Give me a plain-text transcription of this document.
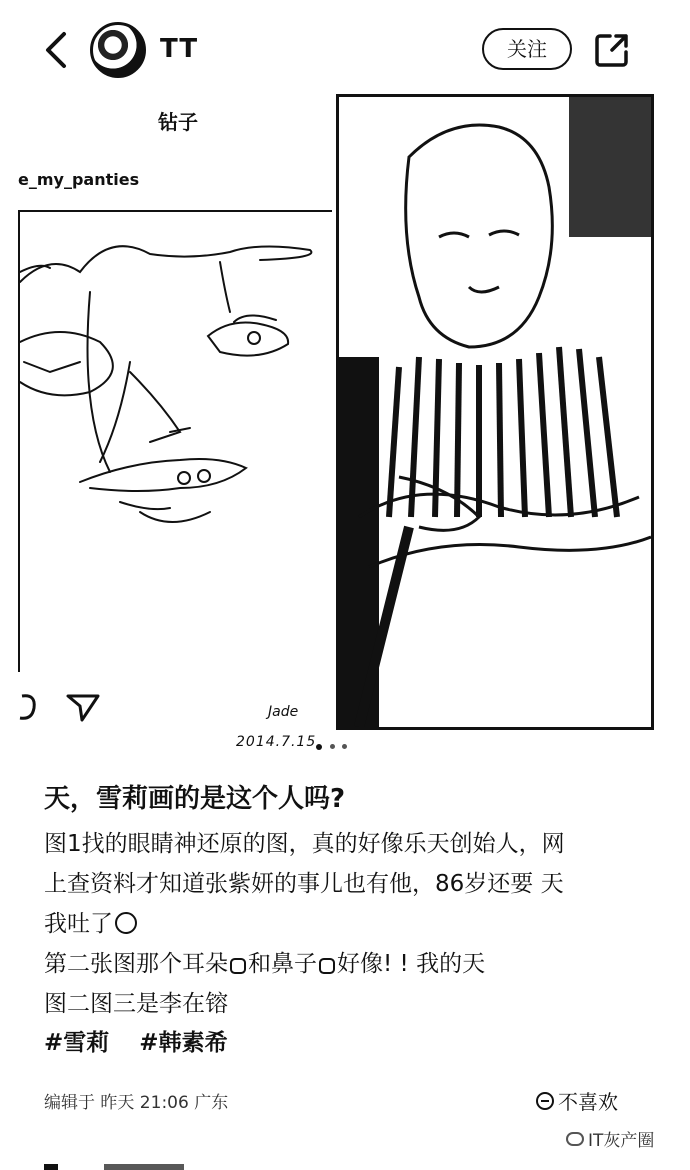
TT	关注
钻子
e_my_panties
Jade
2014.7.15
天，雪莉画的是这个人吗?

图1找的眼睛神还原的图，真的好像乐天创始人，网

上查资料才知道张紫妍的事儿也有他，86岁还要 天

我吐了

第二张图那个耳朵 和鼻子 好像! ! 我的天

图二图三是李在镕

#雪莉 #韩素希
编辑于 昨天 21:06 广东	不喜欢
IT灰产圈
